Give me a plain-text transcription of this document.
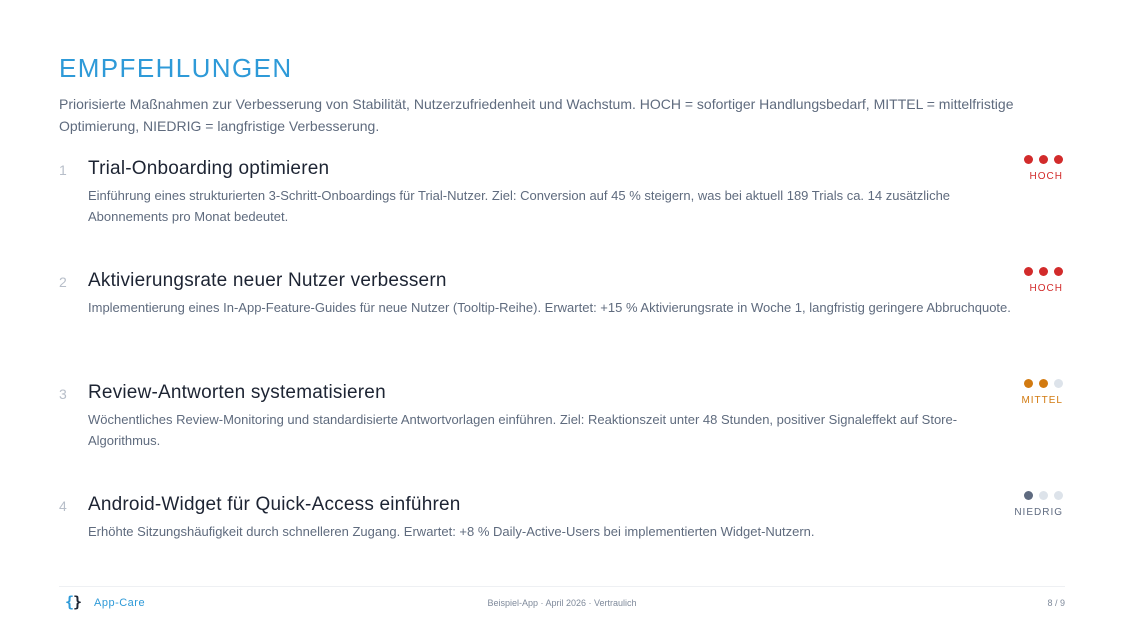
EMPFEHLUNGEN

Priorisierte Maßnahmen zur Verbesserung von Stabilität, Nutzerzufriedenheit und Wachstum. HOCH = sofortiger Handlungsbedarf, MITTEL = mittelfristige Optimierung, NIEDRIG = langfristige Verbesserung.

1 Trial-Onboarding optimieren

Einführung eines strukturierten 3-Schritt-Onboardings für Trial-Nutzer. Ziel: Conversion auf 45 % steigern, was bei aktuell 189 Trials ca. 14 zusätzliche Abonnements pro Monat bedeutet.

HOCH
2 Aktivierungsrate neuer Nutzer verbessern

Implementierung eines In-App-Feature-Guides für neue Nutzer (Tooltip-Reihe). Erwartet: +15 % Aktivierungsrate in Woche 1, langfristig geringere Abbruchquote.

HOCH
3 Review-Antworten systematisieren

Wöchentliches Review-Monitoring und standardisierte Antwortvorlagen einführen. Ziel: Reaktionszeit unter 48 Stunden, positiver Signaleffekt auf Store-Algorithmus.

MITTEL
4 Android-Widget für Quick-Access einführen

Erhöhte Sitzungshäufigkeit durch schnelleren Zugang. Erwartet: +8 % Daily-Active-Users bei implementierten Widget-Nutzern.

NIEDRIG
{} App-Care	Beispiel-App · April 2026 · Vertraulich	8 / 9
